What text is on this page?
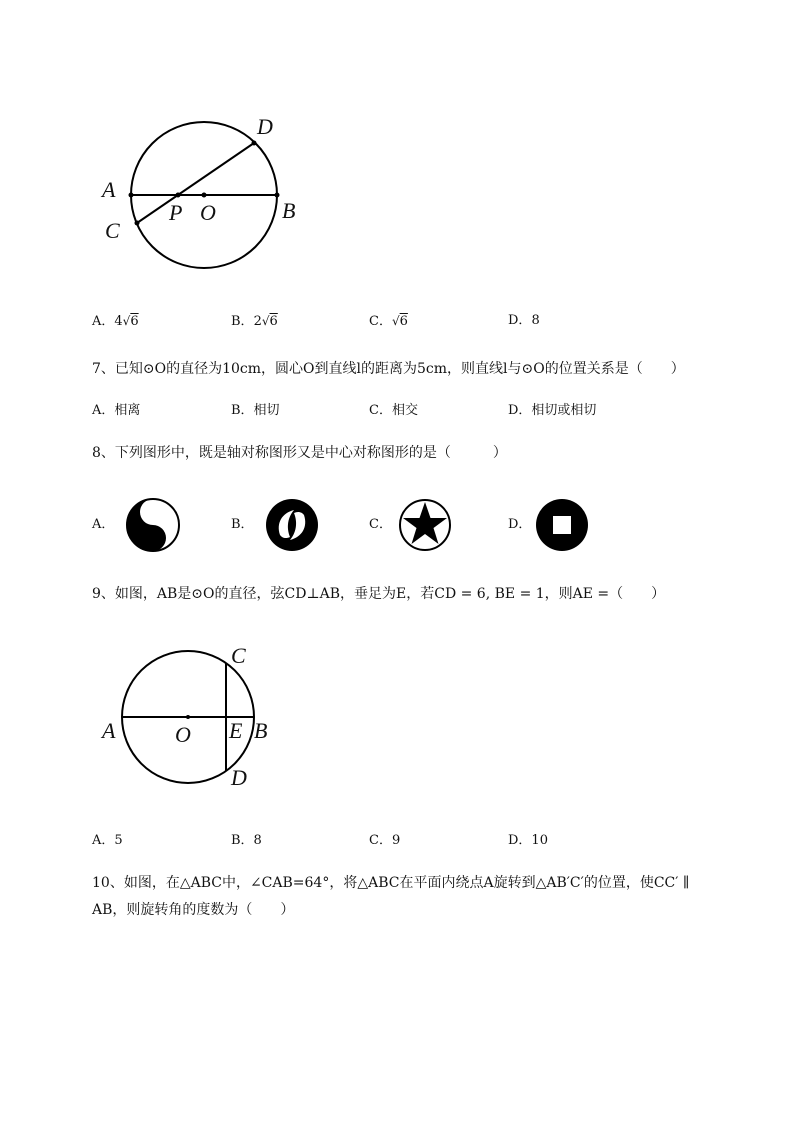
D
A
C
P O	B
A．4√6	B．2√6	C．√6	D．8
7、已知⊙O的直径为10cm，圆心O到直线l的距离为5cm，则直线l与⊙O的位置关系是（　　）
A．相离	B．相切	C．相交	D．相切或相切
8、下列图形中，既是轴对称图形又是中心对称图形的是（　　　）
A．	B．	C．	D．
9、如图，AB是⊙O的直径，弦CD⊥AB，垂足为E，若CD = 6, BE = 1，则AE =（　　）
C
A	O E B
D
A．5	B．8	C．9	D．10
10、如图，在△ABC中，∠CAB=64°，将△ABC在平面内绕点A旋转到△AB′C′的位置，使CC′ ∥
AB，则旋转角的度数为（　　）
